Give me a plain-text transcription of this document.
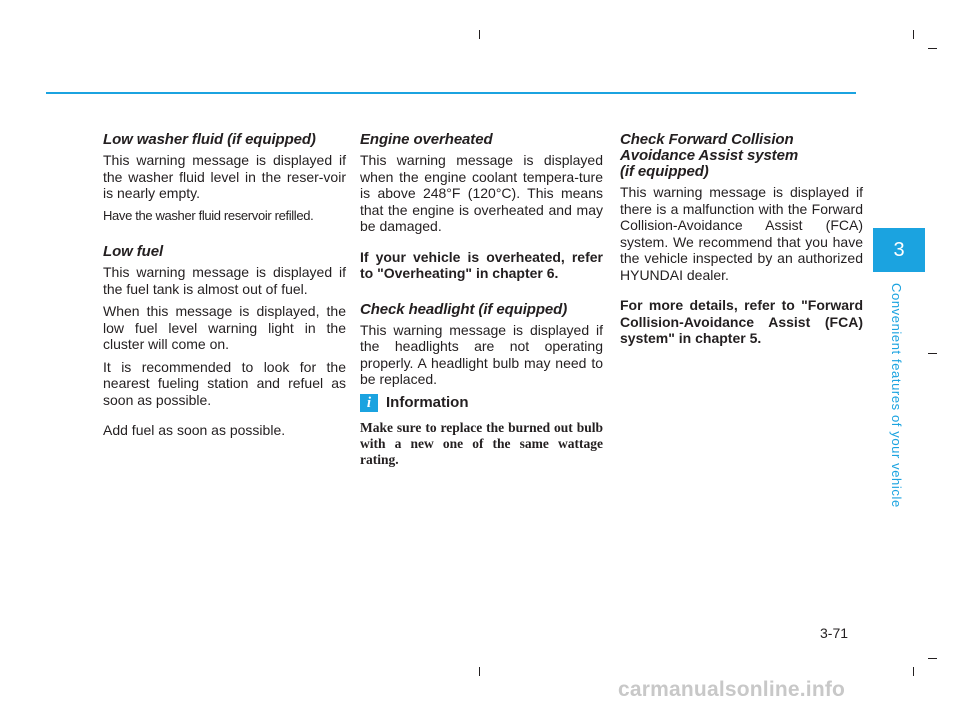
Low washer fluid (if equipped)

This warning message is displayed if the washer fluid level in the reser-voir is nearly empty.

Have the washer fluid reservoir refilled.

Low fuel

This warning message is displayed if the fuel tank is almost out of fuel.

When this message is displayed, the low fuel level warning light in the cluster will come on.

It is recommended to look for the nearest fueling station and refuel as soon as possible.

Add fuel as soon as possible.

Engine overheated

This warning message is displayed when the engine coolant tempera-ture is above 248°F (120°C). This means that the engine is overheated and may be damaged.

If your vehicle is overheated, refer to "Overheating" in chapter 6.

Check headlight (if equipped)

This warning message is displayed if the headlights are not operating properly. A headlight bulb may need to be replaced.

i Information

Make sure to replace the burned out bulb with a new one of the same wattage rating.

Check Forward Collision
Avoidance Assist system
(if equipped)

This warning message is displayed if there is a malfunction with the Forward Collision-Avoidance Assist (FCA) system. We recommend that you have the vehicle inspected by an authorized HYUNDAI dealer.

For more details, refer to "Forward Collision-Avoidance Assist (FCA) system" in chapter 5.

3
Convenient features of your vehicle
3-71
carmanualsonline.info
